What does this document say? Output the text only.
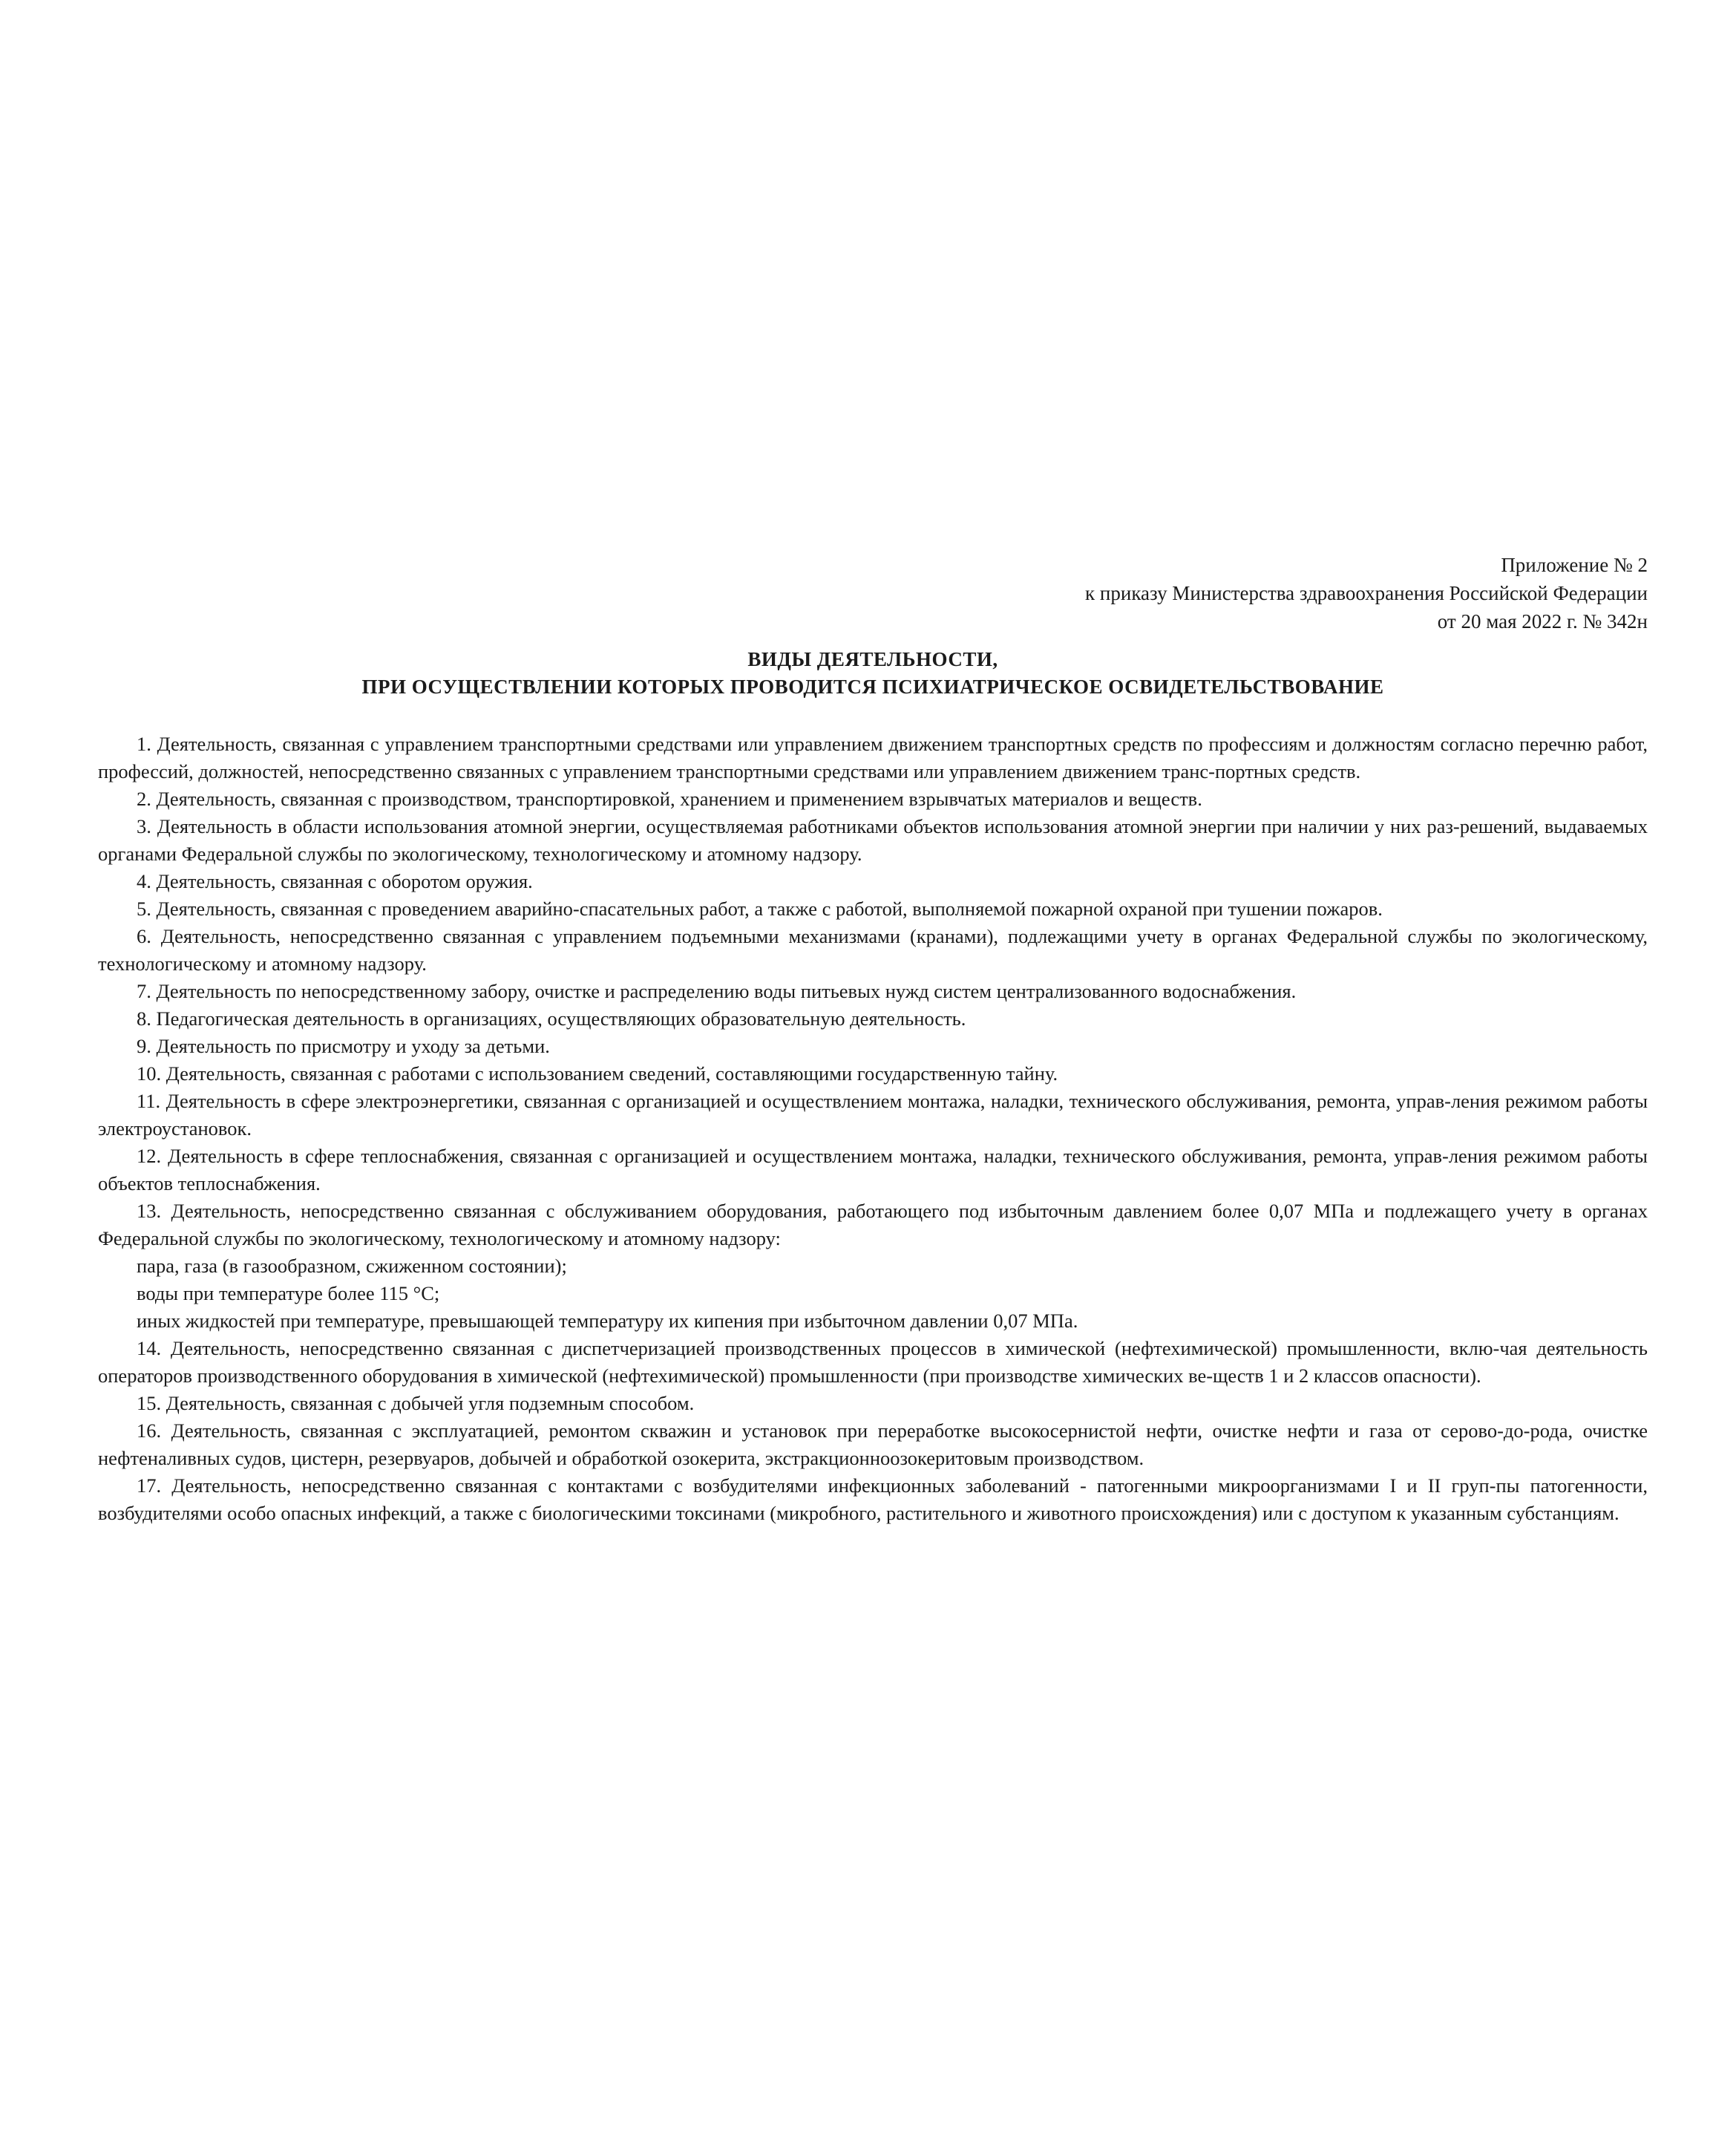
Приложение № 2
к приказу Министерства здравоохранения Российской Федерации
от 20 мая 2022 г. № 342н
ВИДЫ ДЕЯТЕЛЬНОСТИ,
ПРИ ОСУЩЕСТВЛЕНИИ КОТОРЫХ ПРОВОДИТСЯ ПСИХИАТРИЧЕСКОЕ ОСВИДЕТЕЛЬСТВОВАНИЕ

1. Деятельность, связанная с управлением транспортными средствами или управлением движением транспортных средств по профессиям и должностям согласно перечню работ, профессий, должностей, непосредственно связанных с управлением транспортными средствами или управлением движением транс-портных средств.

2. Деятельность, связанная с производством, транспортировкой, хранением и применением взрывчатых материалов и веществ.

3. Деятельность в области использования атомной энергии, осуществляемая работниками объектов использования атомной энергии при наличии у них раз-решений, выдаваемых органами Федеральной службы по экологическому, технологическому и атомному надзору.

4. Деятельность, связанная с оборотом оружия.

5. Деятельность, связанная с проведением аварийно-спасательных работ, а также с работой, выполняемой пожарной охраной при тушении пожаров.

6. Деятельность, непосредственно связанная с управлением подъемными механизмами (кранами), подлежащими учету в органах Федеральной службы по экологическому, технологическому и атомному надзору.

7. Деятельность по непосредственному забору, очистке и распределению воды питьевых нужд систем централизованного водоснабжения.

8. Педагогическая деятельность в организациях, осуществляющих образовательную деятельность.

9. Деятельность по присмотру и уходу за детьми.

10. Деятельность, связанная с работами с использованием сведений, составляющими государственную тайну.

11. Деятельность в сфере электроэнергетики, связанная с организацией и осуществлением монтажа, наладки, технического обслуживания, ремонта, управ-ления режимом работы электроустановок.

12. Деятельность в сфере теплоснабжения, связанная с организацией и осуществлением монтажа, наладки, технического обслуживания, ремонта, управ-ления режимом работы объектов теплоснабжения.

13. Деятельность, непосредственно связанная с обслуживанием оборудования, работающего под избыточным давлением более 0,07 МПа и подлежащего учету в органах Федеральной службы по экологическому, технологическому и атомному надзору:

пара, газа (в газообразном, сжиженном состоянии);

воды при температуре более 115 °С;

иных жидкостей при температуре, превышающей температуру их кипения при избыточном давлении 0,07 МПа.

14. Деятельность, непосредственно связанная с диспетчеризацией производственных процессов в химической (нефтехимической) промышленности, вклю-чая деятельность операторов производственного оборудования в химической (нефтехимической) промышленности (при производстве химических ве-ществ 1 и 2 классов опасности).

15. Деятельность, связанная с добычей угля подземным способом.

16. Деятельность, связанная с эксплуатацией, ремонтом скважин и установок при переработке высокосернистой нефти, очистке нефти и газа от серово-до-рода, очистке нефтеналивных судов, цистерн, резервуаров, добычей и обработкой озокерита, экстракционноозокеритовым производством.

17. Деятельность, непосредственно связанная с контактами с возбудителями инфекционных заболеваний - патогенными микроорганизмами I и II груп-пы патогенности, возбудителями особо опасных инфекций, а также с биологическими токсинами (микробного, растительного и животного происхождения) или с доступом к указанным субстанциям.
